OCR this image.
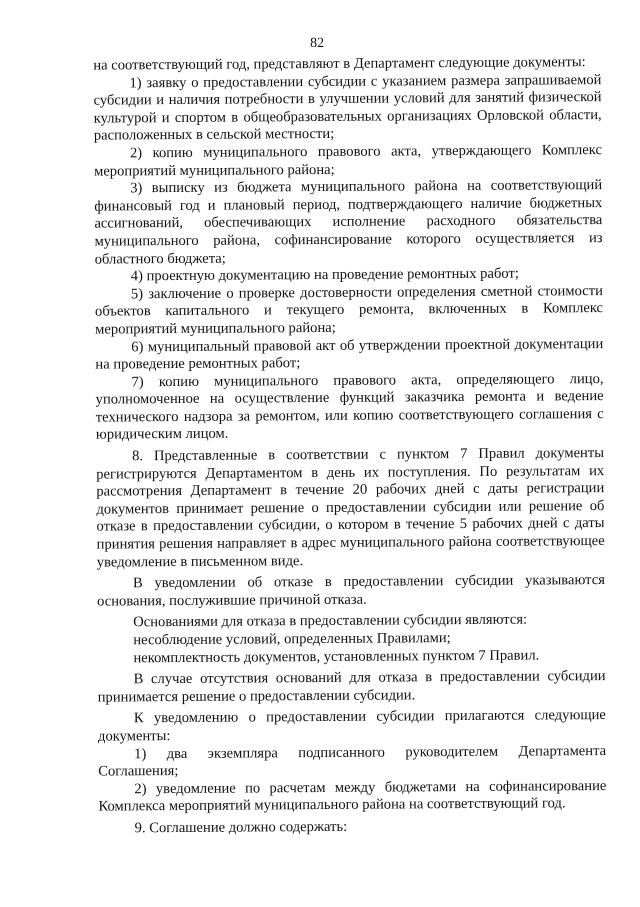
82

на соответствующий год, представляют в Департамент следующие документы:

1) заявку о предоставлении субсидии с указанием размера запрашиваемой субсидии и наличия потребности в улучшении условий для занятий физической культурой и спортом в общеобразовательных организациях Орловской области, расположенных в сельской местности;

2) копию муниципального правового акта, утверждающего Комплекс мероприятий муниципального района;

3) выписку из бюджета муниципального района на соответствующий финансовый год и плановый период, подтверждающего наличие бюджетных ассигнований, обеспечивающих исполнение расходного обязательства муниципального района, софинансирование которого осуществляется из областного бюджета;

4) проектную документацию на проведение ремонтных работ;

5) заключение о проверке достоверности определения сметной стоимости объектов капитального и текущего ремонта, включенных в Комплекс мероприятий муниципального района;

6) муниципальный правовой акт об утверждении проектной документации на проведение ремонтных работ;

7) копию муниципального правового акта, определяющего лицо, уполномоченное на осуществление функций заказчика ремонта и ведение технического надзора за ремонтом, или копию соответствующего соглашения с юридическим лицом.

8. Представленные в соответствии с пунктом 7 Правил документы регистрируются Департаментом в день их поступления. По результатам их рассмотрения Департамент в течение 20 рабочих дней с даты регистрации документов принимает решение о предоставлении субсидии или решение об отказе в предоставлении субсидии, о котором в течение 5 рабочих дней с даты принятия решения направляет в адрес муниципального района соответствующее уведомление в письменном виде.

В уведомлении об отказе в предоставлении субсидии указываются основания, послужившие причиной отказа.

Основаниями для отказа в предоставлении субсидии являются:

несоблюдение условий, определенных Правилами;

некомплектность документов, установленных пунктом 7 Правил.

В случае отсутствия оснований для отказа в предоставлении субсидии принимается решение о предоставлении субсидии.

К уведомлению о предоставлении субсидии прилагаются следующие документы:

1) два экземпляра подписанного руководителем Департамента Соглашения;

2) уведомление по расчетам между бюджетами на софинансирование Комплекса мероприятий муниципального района на соответствующий год.

9. Соглашение должно содержать:
